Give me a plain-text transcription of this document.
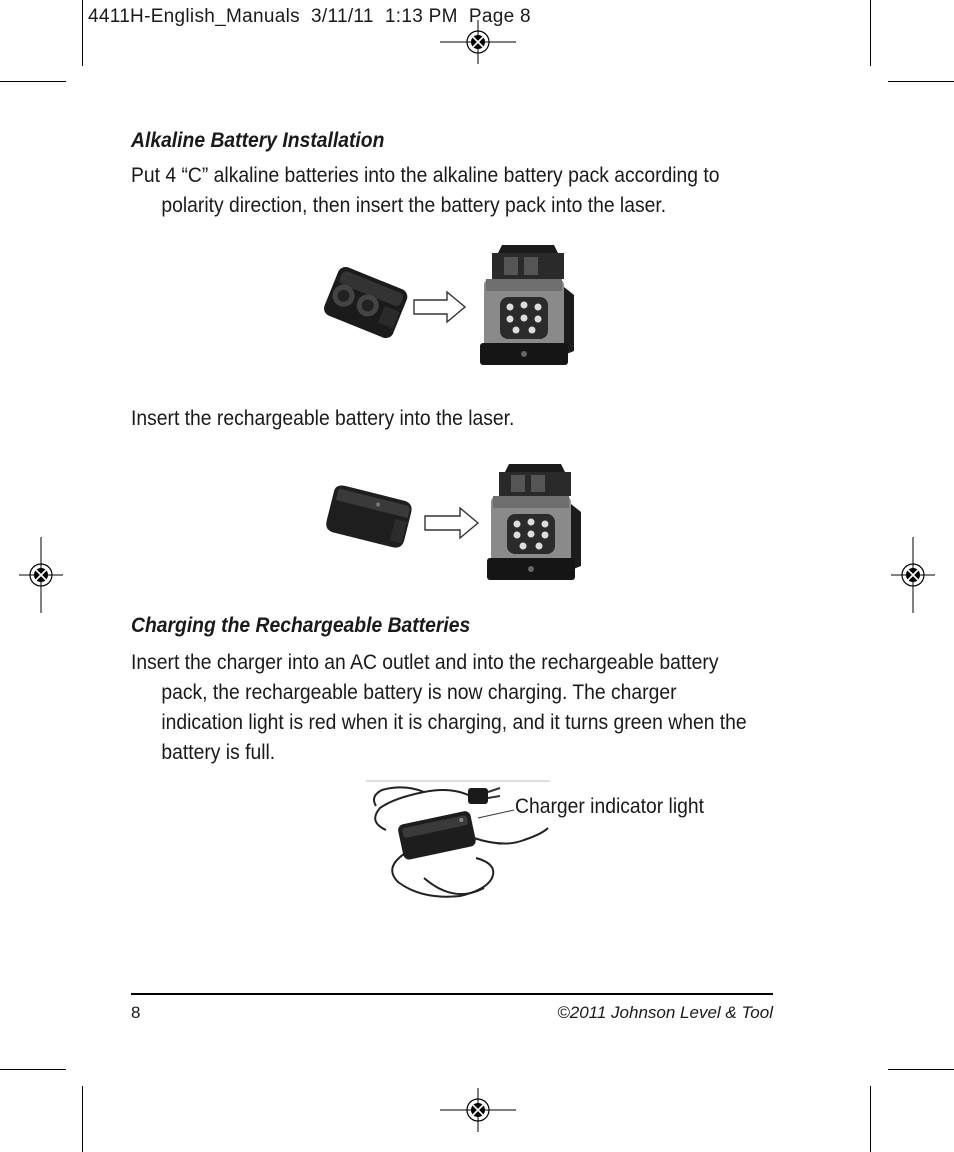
4411H-English_Manuals  3/11/11  1:13 PM  Page 8
Alkaline Battery Installation

Put 4 “C” alkaline batteries into the alkaline battery pack according to polarity direction, then insert the battery pack into the laser.

Insert the rechargeable battery into the laser.

Charging the Rechargeable Batteries

Insert the charger into an AC outlet and into the rechargeable battery pack, the rechargeable battery is now charging. The charger indication light is red when it is charging, and it turns green when the battery is full.

Charger indicator light
8	©2011 Johnson Level & Tool
